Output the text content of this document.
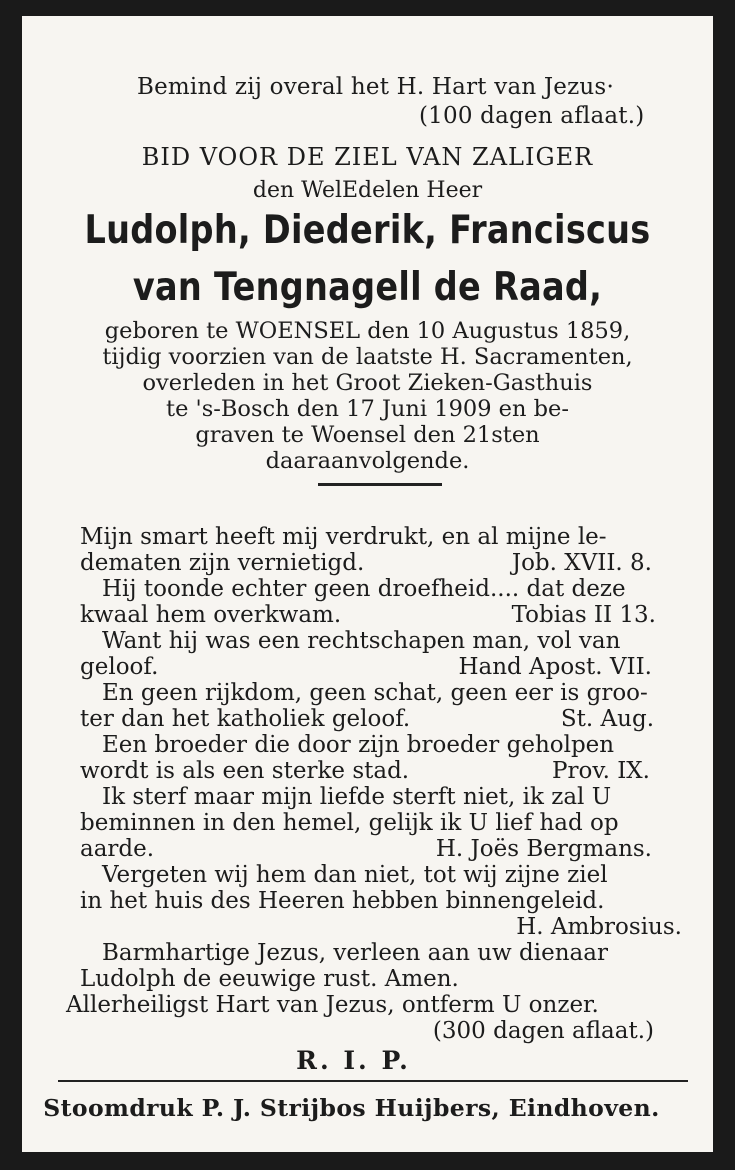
Bemind zij overal het H. Hart van Jezus·
(100 dagen aflaat.)
BID VOOR DE ZIEL VAN ZALIGER
den WelEdelen Heer
Ludolph, Diederik, Franciscus
van Tengnagell de Raad,
geboren te WOENSEL den 10 Augustus 1859,
tijdig voorzien van de laatste H. Sacramenten,
overleden in het Groot Zieken-Gasthuis
te 's-Bosch den 17 Juni 1909 en be-
graven te Woensel den 21sten
daaraanvolgende.
Mijn smart heeft mij verdrukt, en al mijne le-
dematen zijn vernietigd.	Job. XVII. 8.
Hij toonde echter geen droefheid.... dat deze
kwaal hem overkwam.	Tobias II 13.
Want hij was een rechtschapen man, vol van
geloof.	Hand Apost. VII.
En geen rijkdom, geen schat, geen eer is groo-
ter dan het katholiek geloof.	St. Aug.
Een broeder die door zijn broeder geholpen
wordt is als een sterke stad.	Prov. IX.
Ik sterf maar mijn liefde sterft niet, ik zal U
beminnen in den hemel, gelijk ik U lief had op
aarde.	H. Joës Bergmans.
Vergeten wij hem dan niet, tot wij zijne ziel
in het huis des Heeren hebben binnengeleid.
H. Ambrosius.
Barmhartige Jezus, verleen aan uw dienaar
Ludolph de eeuwige rust. Amen.
Allerheiligst Hart van Jezus, ontferm U onzer.
(300 dagen aflaat.)
R. I. P.
Stoomdruk P. J. Strijbos Huijbers, Eindhoven.
